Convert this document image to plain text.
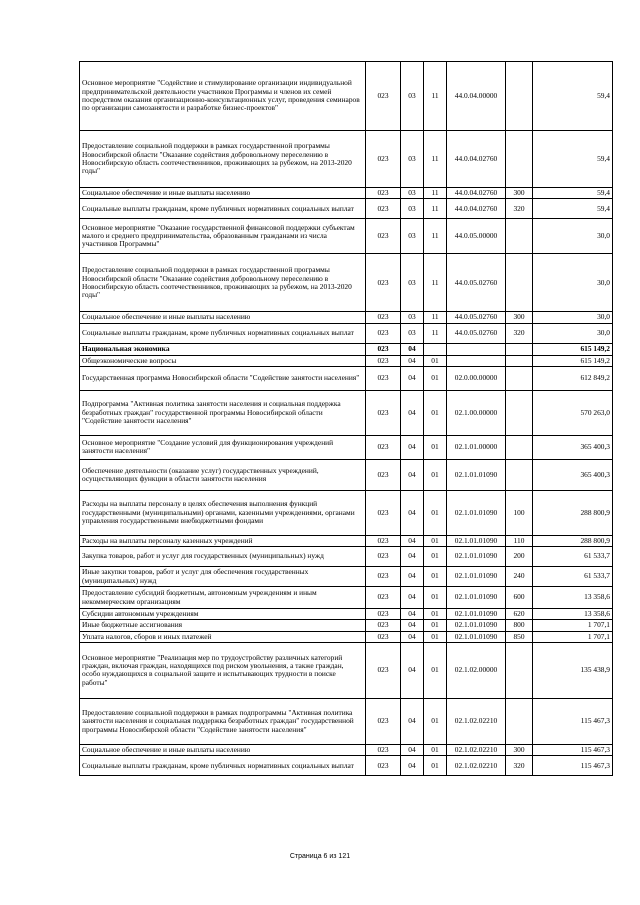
Основное мероприятие "Содействие и стимулирование организации индивидуальной предпринимательской деятельности участников Программы и членов их семей посредством оказания организационно-консультационных услуг, проведения семинаров по организации самозанятости и разработке бизнес-проектов"	023	03	11	44.0.04.00000		59,4
Предоставление социальной поддержки в рамках государственной программы Новосибирской области "Оказание содействия добровольному переселению в Новосибирскую область соотечественников, проживающих за рубежом, на 2013-2020 годы"	023	03	11	44.0.04.02760		59,4
Социальное обеспечение и иные выплаты населению	023	03	11	44.0.04.02760	300	59,4
Социальные выплаты гражданам, кроме публичных нормативных социальных выплат	023	03	11	44.0.04.02760	320	59,4
Основное мероприятие "Оказание государственной финансовой поддержки субъектам малого и среднего предпринимательства, образованным гражданами из числа участников Программы"	023	03	11	44.0.05.00000		30,0
Предоставление социальной поддержки в рамках государственной программы Новосибирской области "Оказание содействия добровольному переселению в Новосибирскую область соотечественников, проживающих за рубежом, на 2013-2020 годы"	023	03	11	44.0.05.02760		30,0
Социальное обеспечение и иные выплаты населению	023	03	11	44.0.05.02760	300	30,0
Социальные выплаты гражданам, кроме публичных нормативных социальных выплат	023	03	11	44.0.05.02760	320	30,0
Национальная экономика	023	04				615 149,2
Общеэкономические вопросы	023	04	01			615 149,2
Государственная программа Новосибирской области "Содействие занятости населения"	023	04	01	02.0.00.00000		612 849,2
Подпрограмма "Активная политика занятости населения и социальная поддержка безработных граждан" государственной программы Новосибирской области "Содействие занятости населения"	023	04	01	02.1.00.00000		570 263,0
Основное мероприятие "Создание условий для функционирования учреждений занятости населения"	023	04	01	02.1.01.00000		365 400,3
Обеспечение деятельности (оказание услуг) государственных учреждений, осуществляющих функции в области занятости населения	023	04	01	02.1.01.01090		365 400,3
Расходы на выплаты персоналу в целях обеспечения выполнения функций государственными (муниципальными) органами, казенными учреждениями, органами управления государственными внебюджетными фондами	023	04	01	02.1.01.01090	100	288 800,9
Расходы на выплаты персоналу казенных учреждений	023	04	01	02.1.01.01090	110	288 800,9
Закупка товаров, работ и услуг для государственных (муниципальных) нужд	023	04	01	02.1.01.01090	200	61 533,7
Иные закупки товаров, работ и услуг для обеспечения государственных (муниципальных) нужд	023	04	01	02.1.01.01090	240	61 533,7
Предоставление субсидий бюджетным, автономным учреждениям и иным некоммерческим организациям	023	04	01	02.1.01.01090	600	13 358,6
Субсидии автономным учреждениям	023	04	01	02.1.01.01090	620	13 358,6
Иные бюджетные ассигнования	023	04	01	02.1.01.01090	800	1 707,1
Уплата налогов, сборов и иных платежей	023	04	01	02.1.01.01090	850	1 707,1
Основное мероприятие "Реализация мер по трудоустройству различных категорий граждан, включая граждан, находящихся под риском увольнения, а также граждан, особо нуждающихся в социальной защите и испытывающих трудности в поиске работы"	023	04	01	02.1.02.00000		135 438,9
Предоставление социальной поддержки в рамках подпрограммы "Активная политика занятости населения и социальная поддержка безработных граждан" государственной программы Новосибирской области "Содействие занятости населения"	023	04	01	02.1.02.02210		115 467,3
Социальное обеспечение и иные выплаты населению	023	04	01	02.1.02.02210	300	115 467,3
Социальные выплаты гражданам, кроме публичных нормативных социальных выплат	023	04	01	02.1.02.02210	320	115 467,3
Страница 6 из 121
